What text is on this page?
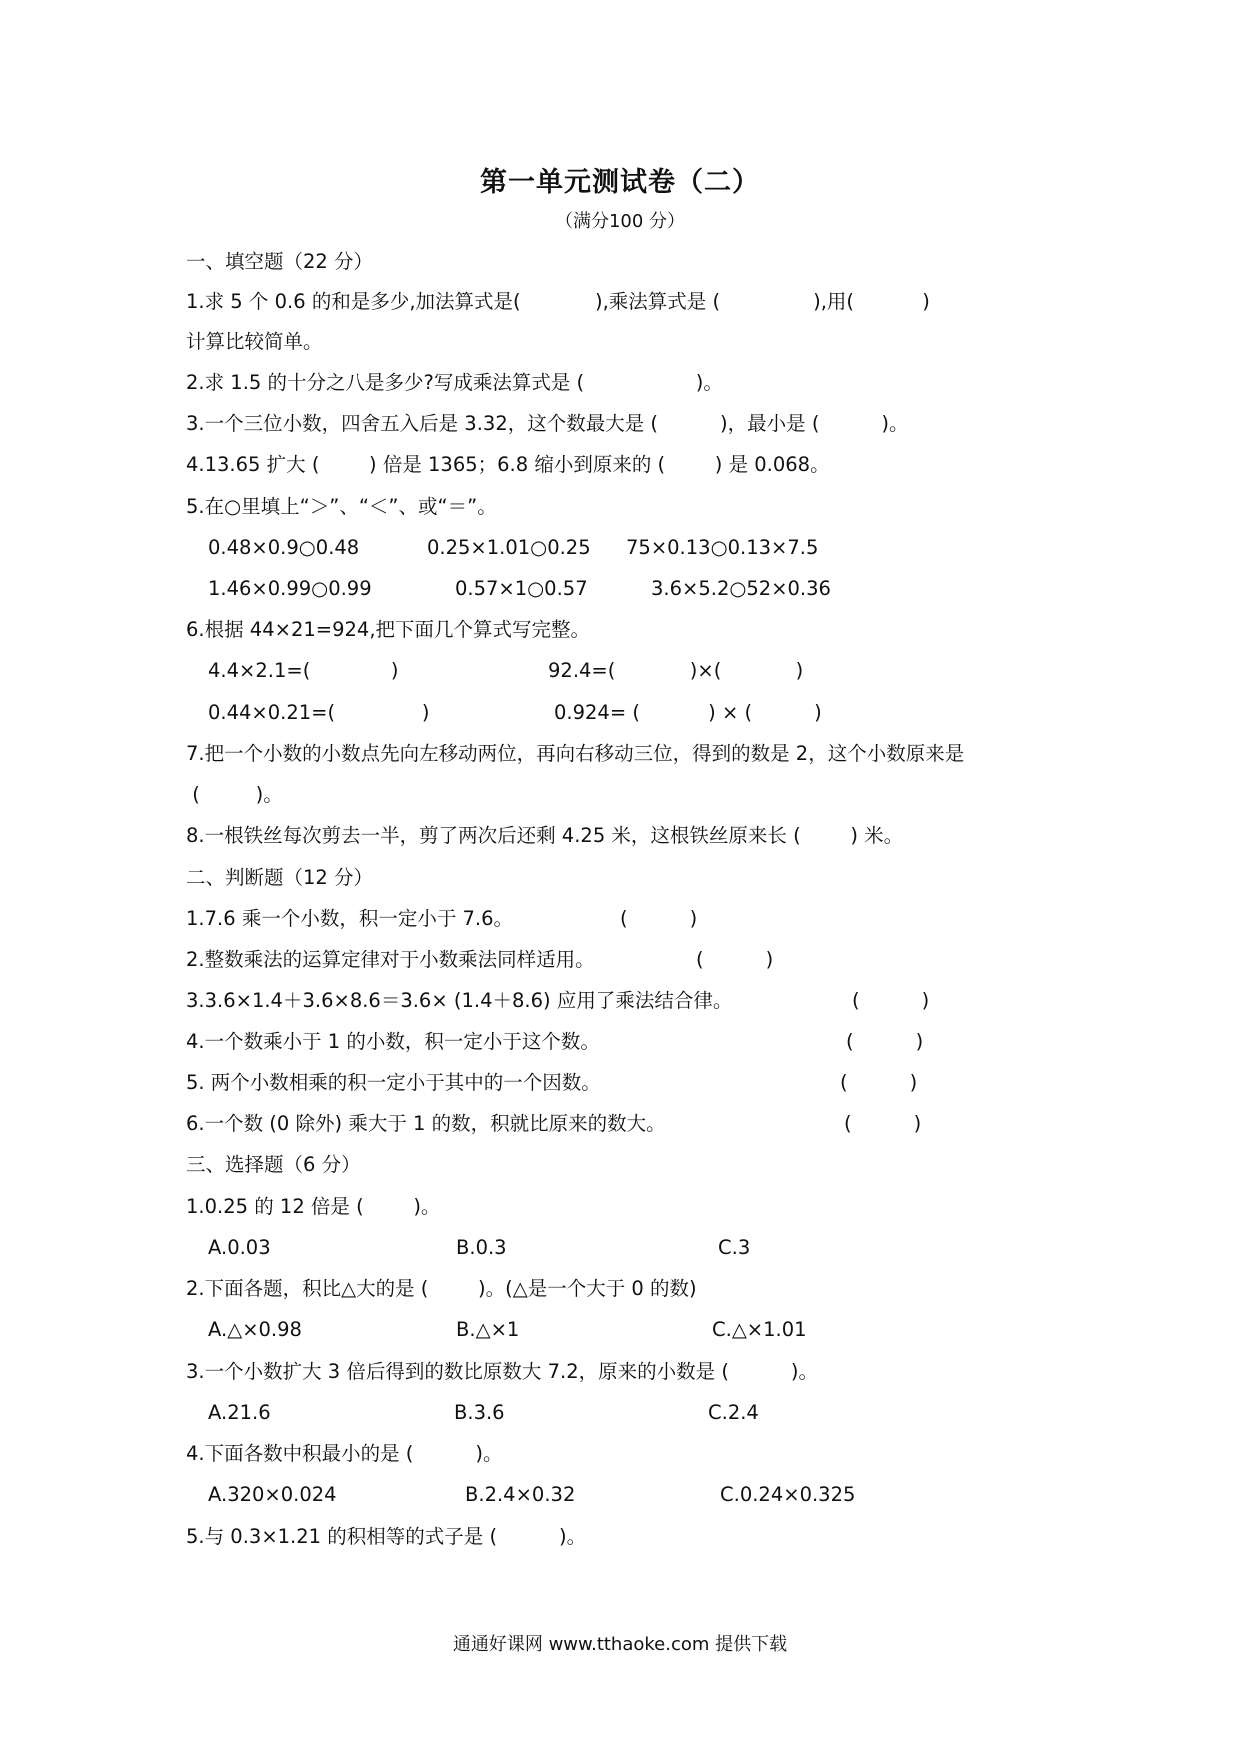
第一单元测试卷（二）
（满分100 分）
一、填空题（22 分）
1.求 5 个 0.6 的和是多少,加法算式是(            ),乘法算式是 (               ),用(           )
计算比较简单。
2.求 1.5 的十分之八是多少?写成乘法算式是 (                  )。
3.一个三位小数，四舍五入后是 3.32，这个数最大是 (          )，最小是 (          )。
4.13.65 扩大 (        ) 倍是 1365；6.8 缩小到原来的 (        ) 是 0.068。
5.在○里填上“＞”、“＜”、或“＝”。
0.48×0.9○0.48	0.25×1.01○0.25 75×0.13○0.13×7.5
1.46×0.99○0.99	0.57×1○0.57	3.6×5.2○52×0.36
6.根据 44×21=924,把下面几个算式写完整。
4.4×2.1=(             )	92.4=(            )×(            )
0.44×0.21=(              )	0.924= (           ) × (          )
7.把一个小数的小数点先向左移动两位，再向右移动三位，得到的数是 2，这个小数原来是
(         )。
8.一根铁丝每次剪去一半，剪了两次后还剩 4.25 米，这根铁丝原来长 (        ) 米。
二、判断题（12 分）
1.7.6 乘一个小数，积一定小于 7.6。	(          )
2.整数乘法的运算定律对于小数乘法同样适用。	(          )
3.3.6×1.4＋3.6×8.6＝3.6× (1.4＋8.6) 应用了乘法结合律。	(          )
4.一个数乘小于 1 的小数，积一定小于这个数。	(          )
5. 两个小数相乘的积一定小于其中的一个因数。	(          )
6.一个数 (0 除外) 乘大于 1 的数，积就比原来的数大。	(          )
三、选择题（6 分）
1.0.25 的 12 倍是 (        )。
A.0.03	B.0.3	C.3
2.下面各题，积比△大的是 (        )。(△是一个大于 0 的数)
A.△×0.98	B.△×1	C.△×1.01
3.一个小数扩大 3 倍后得到的数比原数大 7.2，原来的小数是 (          )。
A.21.6	B.3.6	C.2.4
4.下面各数中积最小的是 (          )。
A.320×0.024	B.2.4×0.32	C.0.24×0.325
5.与 0.3×1.21 的积相等的式子是 (          )。
通通好课网 www.tthaoke.com 提供下载
